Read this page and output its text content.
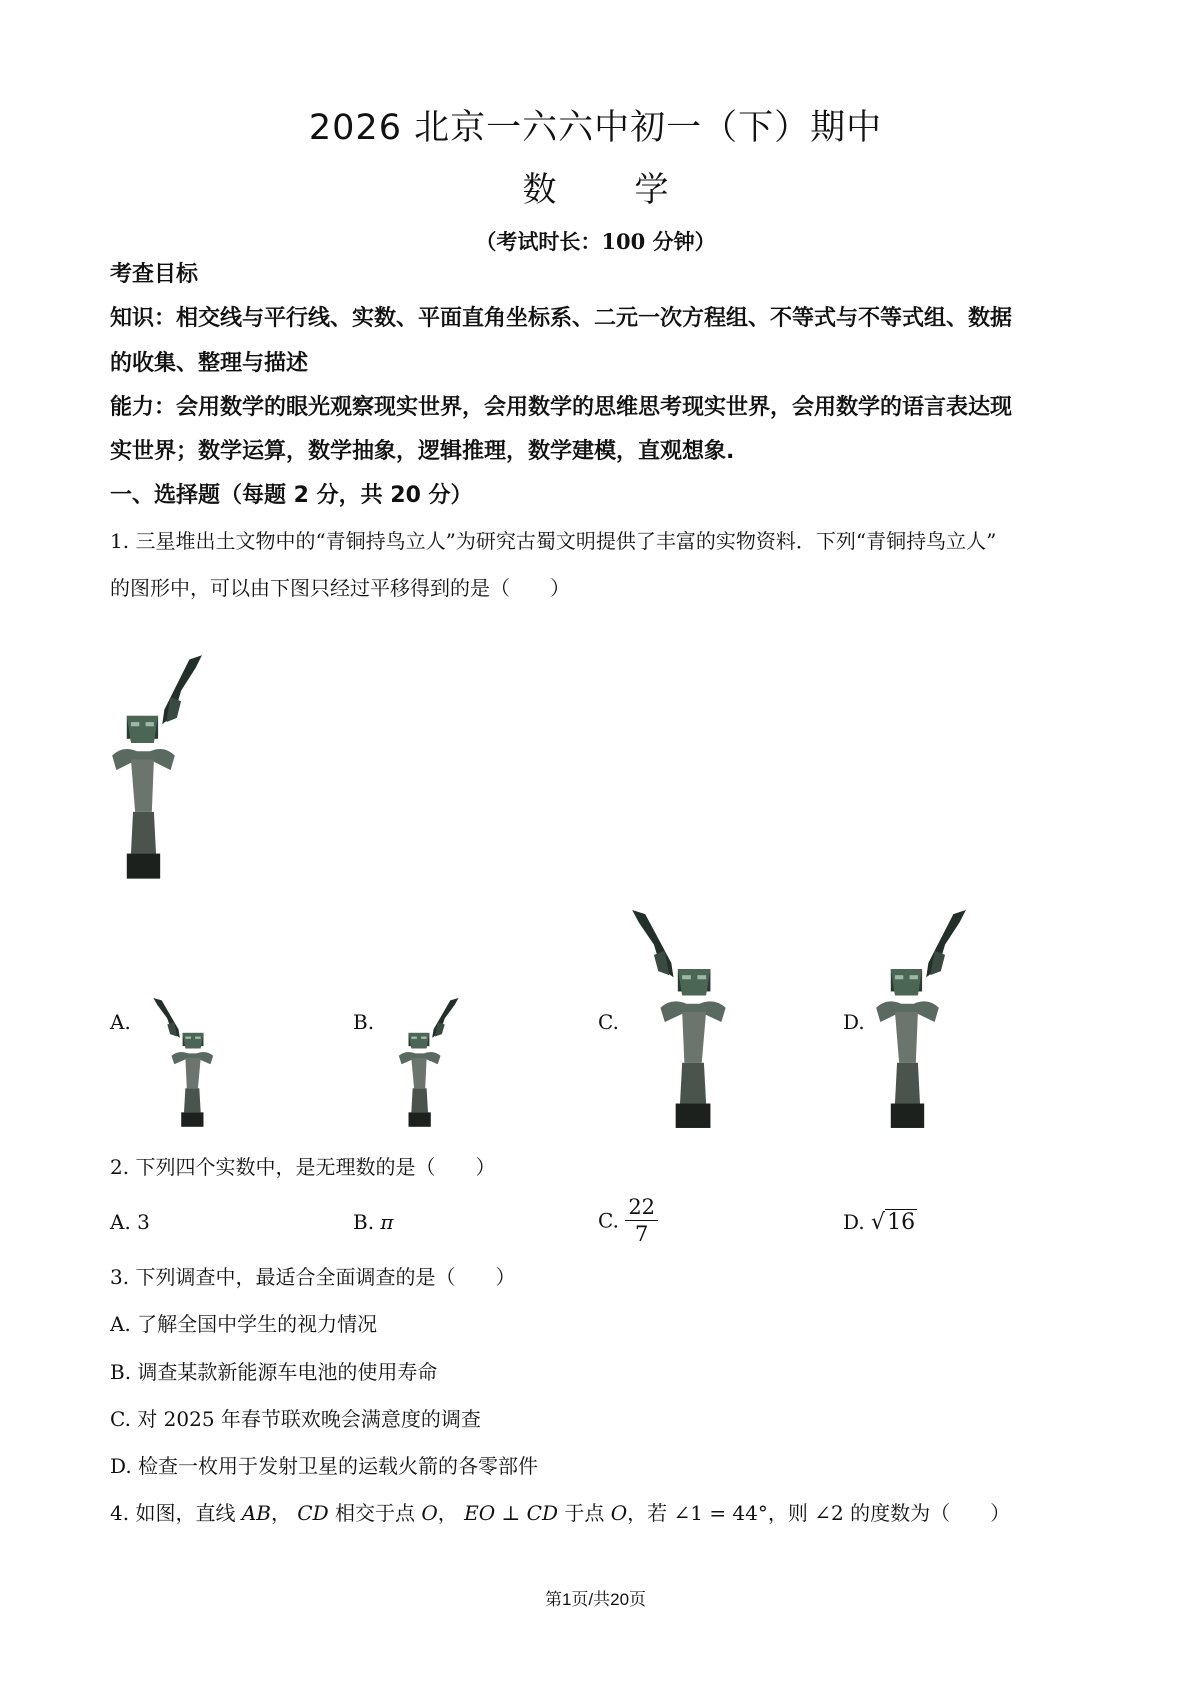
2026 北京一六六中初一（下）期中
数 学
（考试时长：100 分钟）
考查目标
知识：相交线与平行线、实数、平面直角坐标系、二元一次方程组、不等式与不等式组、数据
的收集、整理与描述
能力：会用数学的眼光观察现实世界，会用数学的思维思考现实世界，会用数学的语言表达现
实世界；数学运算，数学抽象，逻辑推理，数学建模，直观想象.
一、选择题（每题 2 分，共 20 分）
1. 三星堆出土文物中的“青铜持鸟立人”为研究古蜀文明提供了丰富的实物资料．下列“青铜持鸟立人”
的图形中，可以由下图只经过平移得到的是（　　）
A.	B.	C.	D.
2. 下列四个实数中，是无理数的是（　　）
A. 3	B. π	C. $\frac{22}{7}$	D. √16
3. 下列调查中，最适合全面调查的是（　　）
A. 了解全国中学生的视力情况
B. 调查某款新能源车电池的使用寿命
C. 对 2025 年春节联欢晚会满意度的调查
D. 检查一枚用于发射卫星的运载火箭的各零部件
4. 如图，直线 AB， CD 相交于点 O， EO ⊥ CD 于点 O，若 ∠1 = 44°，则 ∠2 的度数为（　　）
第1页/共20页
